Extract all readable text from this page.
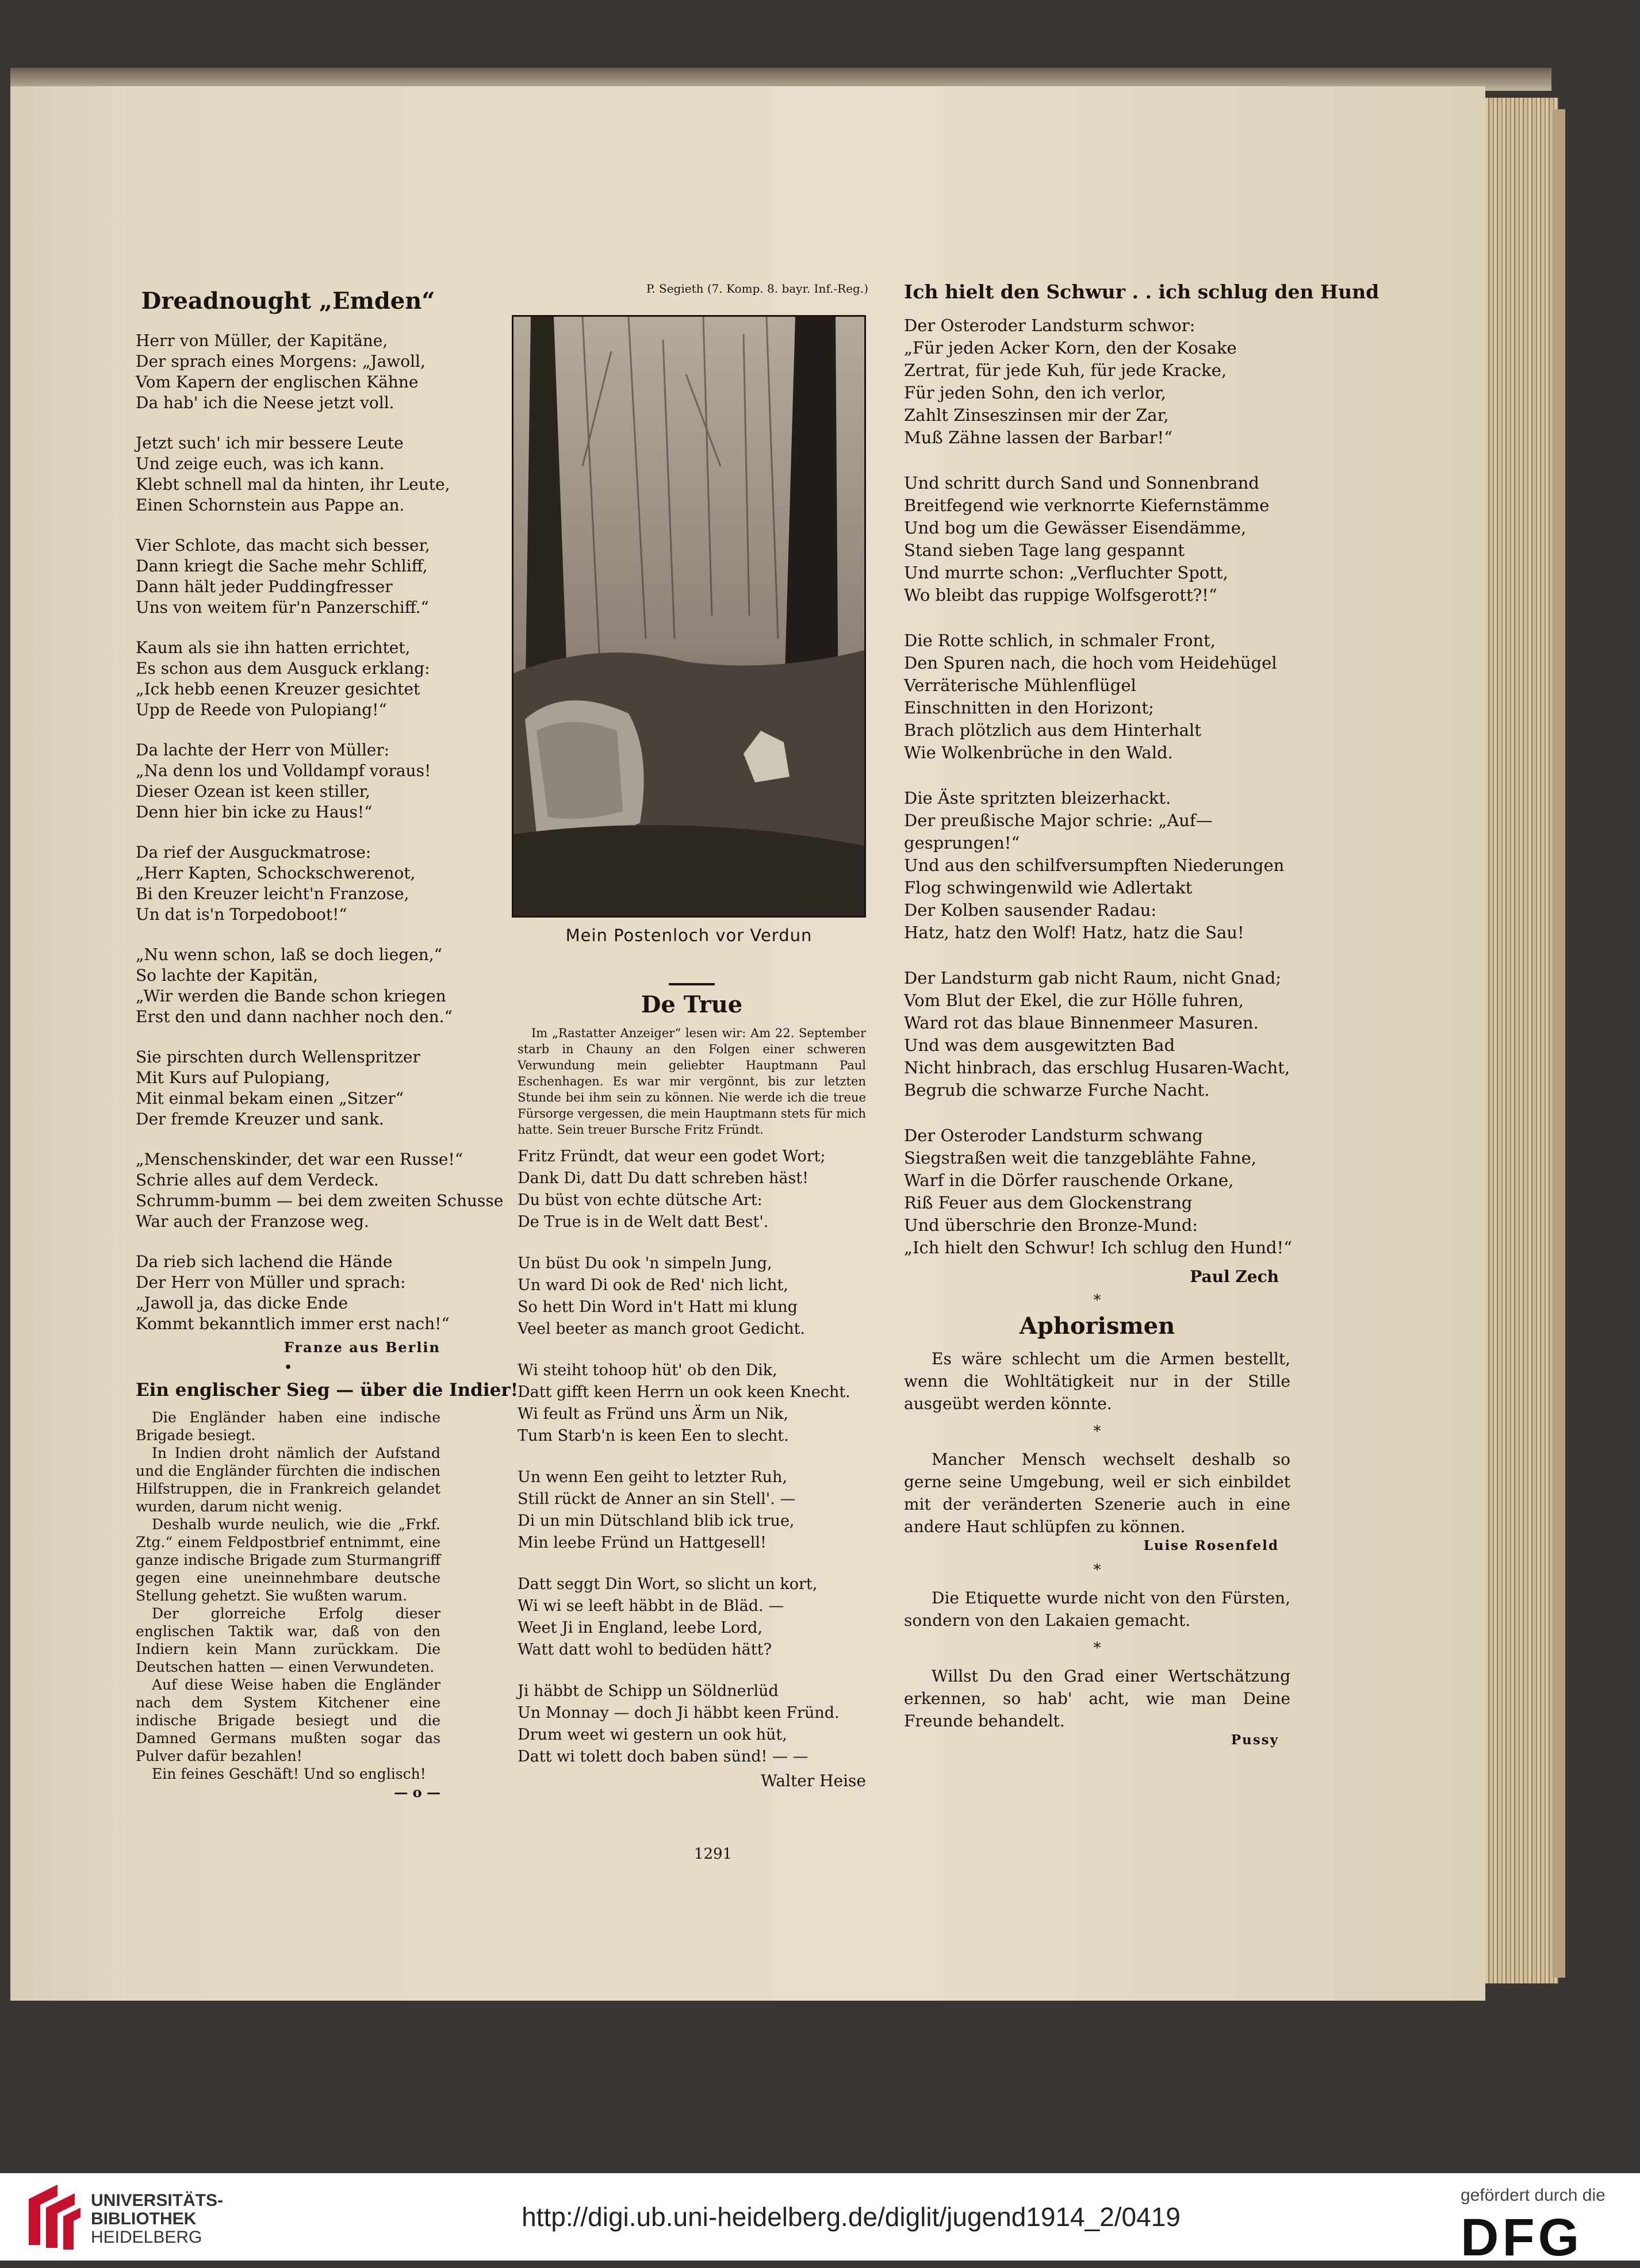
Dreadnought „Emden“
Herr von Müller, der Kapitäne,
Der sprach eines Morgens: „Jawoll,
Vom Kapern der englischen Kähne
Da hab' ich die Neese jetzt voll.
Jetzt such' ich mir bessere Leute
Und zeige euch, was ich kann.
Klebt schnell mal da hinten, ihr Leute,
Einen Schornstein aus Pappe an.
Vier Schlote, das macht sich besser,
Dann kriegt die Sache mehr Schliff,
Dann hält jeder Puddingfresser
Uns von weitem für'n Panzerschiff.“
Kaum als sie ihn hatten errichtet,
Es schon aus dem Ausguck erklang:
„Ick hebb eenen Kreuzer gesichtet
Upp de Reede von Pulopiang!“
Da lachte der Herr von Müller:
„Na denn los und Volldampf voraus!
Dieser Ozean ist keen stiller,
Denn hier bin icke zu Haus!“
Da rief der Ausguckmatrose:
„Herr Kapten, Schockschwerenot,
Bi den Kreuzer leicht'n Franzose,
Un dat is'n Torpedoboot!“
„Nu wenn schon, laß se doch liegen,“
So lachte der Kapitän,
„Wir werden die Bande schon kriegen
Erst den und dann nachher noch den.“
Sie pirschten durch Wellenspritzer
Mit Kurs auf Pulopiang,
Mit einmal bekam einen „Sitzer“
Der fremde Kreuzer und sank.
„Menschenskinder, det war een Russe!“
Schrie alles auf dem Verdeck.
Schrumm-bumm — bei dem zweiten Schusse
War auch der Franzose weg.
Da rieb sich lachend die Hände
Der Herr von Müller und sprach:
„Jawoll ja, das dicke Ende
Kommt bekanntlich immer erst nach!“
Franze aus Berlin
•
Ein englischer Sieg — über die Indier!

Die Engländer haben eine indische Brigade besiegt.

In Indien droht nämlich der Aufstand und die Engländer fürchten die indischen Hilfstruppen, die in Frankreich gelandet wurden, darum nicht wenig.

Deshalb wurde neulich, wie die „Frkf. Ztg.“ einem Feldpostbrief entnimmt, eine ganze indische Brigade zum Sturmangriff gegen eine uneinnehmbare deutsche Stellung gehetzt. Sie wußten warum.

Der glorreiche Erfolg dieser englischen Taktik war, daß von den Indiern kein Mann zurückkam. Die Deutschen hatten — einen Verwundeten.

Auf diese Weise haben die Engländer nach dem System Kitchener eine indische Brigade besiegt und die Damned Germans mußten sogar das Pulver dafür bezahlen!

Ein feines Geschäft! Und so englisch!

— o —
P. Segieth (7. Komp. 8. bayr. Inf.-Reg.)
Mein Postenloch vor Verdun
De True

Im „Rastatter Anzeiger“ lesen wir: Am 22. September starb in Chauny an den Folgen einer schweren Verwundung mein geliebter Hauptmann Paul Eschenhagen. Es war mir vergönnt, bis zur letzten Stunde bei ihm sein zu können. Nie werde ich die treue Fürsorge vergessen, die mein Hauptmann stets für mich hatte. Sein treuer Bursche Fritz Fründt.

Fritz Fründt, dat weur een godet Wort;
Dank Di, datt Du datt schreben häst!
Du büst von echte dütsche Art:
De True is in de Welt datt Best'.
Un büst Du ook 'n simpeln Jung,
Un ward Di ook de Red' nich licht,
So hett Din Word in't Hatt mi klung
Veel beeter as manch groot Gedicht.
Wi steiht tohoop hüt' ob den Dik,
Datt gifft keen Herrn un ook keen Knecht.
Wi feult as Fründ uns Ärm un Nik,
Tum Starb'n is keen Een to slecht.
Un wenn Een geiht to letzter Ruh,
Still rückt de Anner an sin Stell'. —
Di un min Dütschland blib ick true,
Min leebe Fründ un Hattgesell!
Datt seggt Din Wort, so slicht un kort,
Wi wi se leeft häbbt in de Bläd. —
Weet Ji in England, leebe Lord,
Watt datt wohl to bedüden hätt?
Ji häbbt de Schipp un Söldnerlüd
Un Monnay — doch Ji häbbt keen Fründ.
Drum weet wi gestern un ook hüt,
Datt wi tolett doch baben sünd! — —
Walter Heise
Ich hielt den Schwur . . ich schlug den Hund
Der Osteroder Landsturm schwor:
„Für jeden Acker Korn, den der Kosake
Zertrat, für jede Kuh, für jede Kracke,
Für jeden Sohn, den ich verlor,
Zahlt Zinseszinsen mir der Zar,
Muß Zähne lassen der Barbar!“
Und schritt durch Sand und Sonnenbrand
Breitfegend wie verknorrte Kiefernstämme
Und bog um die Gewässer Eisendämme,
Stand sieben Tage lang gespannt
Und murrte schon: „Verfluchter Spott,
Wo bleibt das ruppige Wolfsgerott?!“
Die Rotte schlich, in schmaler Front,
Den Spuren nach, die hoch vom Heidehügel
Verräterische Mühlenflügel
Einschnitten in den Horizont;
Brach plötzlich aus dem Hinterhalt
Wie Wolkenbrüche in den Wald.
Die Äste spritzten bleizerhackt.
Der preußische Major schrie: „Auf—
gesprungen!“
Und aus den schilfversumpften Niederungen
Flog schwingenwild wie Adlertakt
Der Kolben sausender Radau:
Hatz, hatz den Wolf! Hatz, hatz die Sau!
Der Landsturm gab nicht Raum, nicht Gnad;
Vom Blut der Ekel, die zur Hölle fuhren,
Ward rot das blaue Binnenmeer Masuren.
Und was dem ausgewitzten Bad
Nicht hinbrach, das erschlug Husaren-Wacht,
Begrub die schwarze Furche Nacht.
Der Osteroder Landsturm schwang
Siegstraßen weit die tanzgeblähte Fahne,
Warf in die Dörfer rauschende Orkane,
Riß Feuer aus dem Glockenstrang
Und überschrie den Bronze-Mund:
„Ich hielt den Schwur! Ich schlug den Hund!“
Paul Zech
*
Aphorismen

Es wäre schlecht um die Armen bestellt, wenn die Wohltätigkeit nur in der Stille ausgeübt werden könnte.

*

Mancher Mensch wechselt deshalb so gerne seine Umgebung, weil er sich einbildet mit der veränderten Szenerie auch in eine andere Haut schlüpfen zu können.

Luise Rosenfeld
*

Die Etiquette wurde nicht von den Fürsten, sondern von den Lakaien gemacht.

*

Willst Du den Grad einer Wertschätzung erkennen, so hab' acht, wie man Deine Freunde behandelt.

Pussy
1291
UNIVERSITÄTS-
BIBLIOTHEK
HEIDELBERG
http://digi.ub.uni-heidelberg.de/diglit/jugend1914_2/0419
gefördert durch die
DFG
